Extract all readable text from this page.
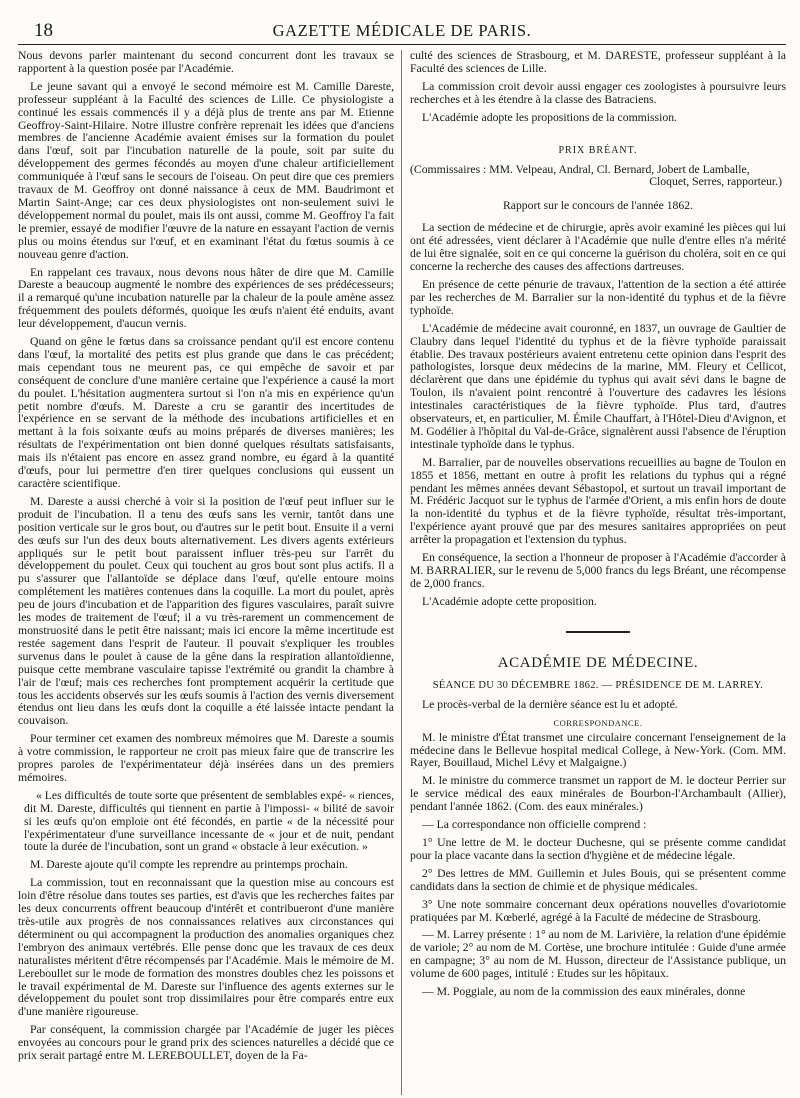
18	GAZETTE MÉDICALE DE PARIS.

Nous devons parler maintenant du second concurrent dont les travaux se rapportent à la question posée par l'Académie.

Le jeune savant qui a envoyé le second mémoire est M. Camille Dareste, professeur suppléant à la Faculté des sciences de Lille. Ce physiologiste a continué les essais commencés il y a déjà plus de trente ans par M. Etienne Geoffroy-Saint-Hilaire. Notre illustre confrère reprenait les idées que d'anciens membres de l'ancienne Académie avaient émises sur la formation du poulet dans l'œuf, soit par l'incubation naturelle de la poule, soit par suite du développement des germes fécondés au moyen d'une chaleur artificiellement communiquée à l'œuf sans le secours de l'oiseau. On peut dire que ces premiers travaux de M. Geoffroy ont donné naissance à ceux de MM. Baudrimont et Martin Saint-Ange; car ces deux physiologistes ont non-seulement suivi le développement normal du poulet, mais ils ont aussi, comme M. Geoffroy l'a fait le premier, essayé de modifier l'œuvre de la nature en essayant l'action de vernis plus ou moins étendus sur l'œuf, et en examinant l'état du fœtus soumis à ce nouveau genre d'action.

En rappelant ces travaux, nous devons nous hâter de dire que M. Camille Dareste a beaucoup augmenté le nombre des expériences de ses prédécesseurs; il a remarqué qu'une incubation naturelle par la chaleur de la poule amène assez fréquemment des poulets déformés, quoique les œufs n'aient été enduits, avant leur développement, d'aucun vernis.

Quand on gêne le fœtus dans sa croissance pendant qu'il est encore contenu dans l'œuf, la mortalité des petits est plus grande que dans le cas précédent; mais cependant tous ne meurent pas, ce qui empêche de savoir et par conséquent de conclure d'une manière certaine que l'expérience a causé la mort du poulet. L'hésitation augmentera surtout si l'on n'a mis en expérience qu'un petit nombre d'œufs. M. Dareste a cru se garantir des incertitudes de l'expérience en se servant de la méthode des incubations artificielles et en mettant à la fois soixante œufs au moins préparés de diverses manières; les résultats de l'expérimentation ont bien donné quelques résultats satisfaisants, mais ils n'étaient pas encore en assez grand nombre, eu égard à la quantité d'œufs, pour lui permettre d'en tirer quelques conclusions qui eussent un caractère scientifique.

M. Dareste a aussi cherché à voir si la position de l'œuf peut influer sur le produit de l'incubation. Il a tenu des œufs sans les vernir, tantôt dans une position verticale sur le gros bout, ou d'autres sur le petit bout. Ensuite il a verni des œufs sur l'un des deux bouts alternativement. Les divers agents extérieurs appliqués sur le petit bout paraissent influer très-peu sur l'arrêt du développement du poulet. Ceux qui touchent au gros bout sont plus actifs. Il a pu s'assurer que l'allantoïde se déplace dans l'œuf, qu'elle entoure moins complétement les matières contenues dans la coquille. La mort du poulet, après peu de jours d'incubation et de l'apparition des figures vasculaires, paraît suivre les modes de traitement de l'œuf; il a vu très-rarement un commencement de monstruosité dans le petit être naissant; mais ici encore la même incertitude est restée sagement dans l'esprit de l'auteur. Il pouvait s'expliquer les troubles survenus dans le poulet à cause de la gêne dans la respiration allantoïdienne, puisque cette membrane vasculaire tapisse l'extrémité ou grandit la chambre à l'air de l'œuf; mais ces recherches font promptement acquérir la certitude que tous les accidents observés sur les œufs soumis à l'action des vernis diversement étendus ont lieu dans les œufs dont la coquille a été laissée intacte pendant la couvaison.

Pour terminer cet examen des nombreux mémoires que M. Dareste a soumis à votre commission, le rapporteur ne croit pas mieux faire que de transcrire les propres paroles de l'expérimentateur déjà insérées dans un des premiers mémoires.

« Les difficultés de toute sorte que présentent de semblables expé- « riences, dit M. Dareste, difficultés qui tiennent en partie à l'impossi- « bilité de savoir si les œufs qu'on emploie ont été fécondés, en partie « de la nécessité pour l'expérimentateur d'une surveillance incessante de « jour et de nuit, pendant toute la durée de l'incubation, sont un grand « obstacle à leur exécution. »

M. Dareste ajoute qu'il compte les reprendre au printemps prochain.

La commission, tout en reconnaissant que la question mise au concours est loin d'être résolue dans toutes ses parties, est d'avis que les recherches faites par les deux concurrents offrent beaucoup d'intérêt et contribueront d'une manière très-utile aux progrès de nos connaissances relatives aux circonstances qui déterminent ou qui accompagnent la production des anomalies organiques chez l'embryon des animaux vertébrés. Elle pense donc que les travaux de ces deux naturalistes méritent d'être récompensés par l'Académie. Mais le mémoire de M. Lereboullet sur le mode de formation des monstres doubles chez les poissons et le travail expérimental de M. Dareste sur l'influence des agents externes sur le développement du poulet sont trop dissimilaires pour être comparés entre eux d'une manière rigoureuse.

Par conséquent, la commission chargée par l'Académie de juger les pièces envoyées au concours pour le grand prix des sciences naturelles a décidé que ce prix serait partagé entre M. LEREBOULLET, doyen de la Fa-

culté des sciences de Strasbourg, et M. DARESTE, professeur suppléant à la Faculté des sciences de Lille.

La commission croit devoir aussi engager ces zoologistes à poursuivre leurs recherches et à les étendre à la classe des Batraciens.

L'Académie adopte les propositions de la commission.

PRIX BRÉANT.
(Commissaires : MM. Velpeau, Andral, Cl. Bernard, Jobert de Lamballe,
Cloquet, Serres, rapporteur.)
Rapport sur le concours de l'année 1862.

La section de médecine et de chirurgie, après avoir examiné les pièces qui lui ont été adressées, vient déclarer à l'Académie que nulle d'entre elles n'a mérité de lui être signalée, soit en ce qui concerne la guérison du choléra, soit en ce qui concerne la recherche des causes des affections dartreuses.

En présence de cette pénurie de travaux, l'attention de la section a été attirée par les recherches de M. Barralier sur la non-identité du typhus et de la fièvre typhoïde.

L'Académie de médecine avait couronné, en 1837, un ouvrage de Gaultier de Claubry dans lequel l'identité du typhus et de la fièvre typhoïde paraissait établie. Des travaux postérieurs avaient entretenu cette opinion dans l'esprit des pathologistes, lorsque deux médecins de la marine, MM. Fleury et Cellicot, déclarèrent que dans une épidémie du typhus qui avait sévi dans le bagne de Toulon, ils n'avaient point rencontré à l'ouverture des cadavres les lésions intestinales caractéristiques de la fièvre typhoïde. Plus tard, d'autres observateurs, et, en particulier, M. Émile Chauffart, à l'Hôtel-Dieu d'Avignon, et M. Godélier à l'hôpital du Val-de-Grâce, signalèrent aussi l'absence de l'éruption intestinale typhoïde dans le typhus.

M. Barralier, par de nouvelles observations recueillies au bagne de Toulon en 1855 et 1856, mettant en outre à profit les relations du typhus qui a régné pendant les mêmes années devant Sébastopol, et surtout un travail important de M. Frédéric Jacquot sur le typhus de l'armée d'Orient, a mis enfin hors de doute la non-identité du typhus et de la fièvre typhoïde, résultat très-important, l'expérience ayant prouvé que par des mesures sanitaires appropriées on peut arrêter la propagation et l'extension du typhus.

En conséquence, la section a l'honneur de proposer à l'Académie d'accorder à M. BARRALIER, sur le revenu de 5,000 francs du legs Bréant, une récompense de 2,000 francs.

L'Académie adopte cette proposition.

ACADÉMIE DE MÉDECINE.
SÉANCE DU 30 DÉCEMBRE 1862. — PRÉSIDENCE DE M. LARREY.

Le procès-verbal de la dernière séance est lu et adopté.

CORRESPONDANCE.

M. le ministre d'État transmet une circulaire concernant l'enseignement de la médecine dans le Bellevue hospital medical College, à New-York. (Com. MM. Rayer, Bouillaud, Michel Lévy et Malgaigne.)

M. le ministre du commerce transmet un rapport de M. le docteur Perrier sur le service médical des eaux minérales de Bourbon-l'Archambault (Allier), pendant l'année 1862. (Com. des eaux minérales.)

— La correspondance non officielle comprend :

1° Une lettre de M. le docteur Duchesne, qui se présente comme candidat pour la place vacante dans la section d'hygiène et de médecine légale.

2° Des lettres de MM. Guillemin et Jules Bouis, qui se présentent comme candidats dans la section de chimie et de physique médicales.

3° Une note sommaire concernant deux opérations nouvelles d'ovariotomie pratiquées par M. Kœberlé, agrégé à la Faculté de médecine de Strasbourg.

— M. Larrey présente : 1° au nom de M. Larivière, la relation d'une épidémie de variole; 2° au nom de M. Cortèse, une brochure intitulée : Guide d'une armée en campagne; 3° au nom de M. Husson, directeur de l'Assistance publique, un volume de 600 pages, intitulé : Etudes sur les hôpitaux.

— M. Poggiale, au nom de la commission des eaux minérales, donne
